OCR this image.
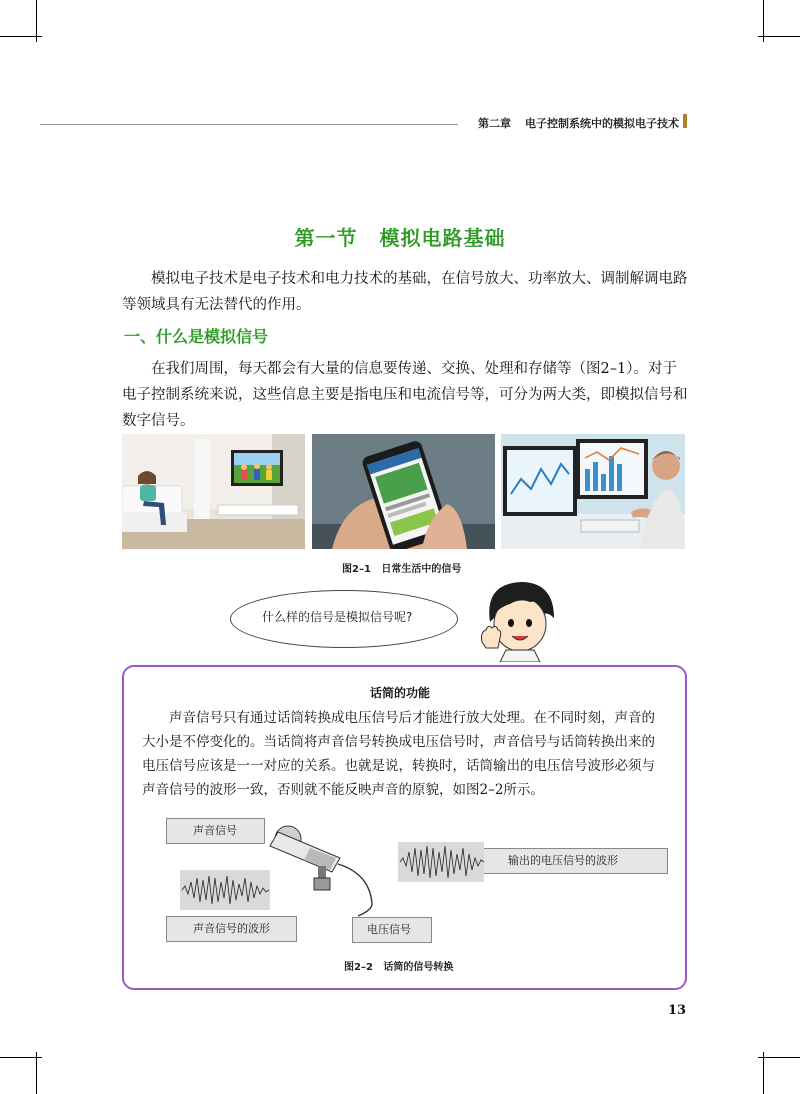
第二章 电子控制系统中的模拟电子技术
第一节 模拟电路基础

模拟电子技术是电子技术和电力技术的基础，在信号放大、功率放大、调制解调电路等领域具有无法替代的作用。

一、什么是模拟信号

在我们周围，每天都会有大量的信息要传递、交换、处理和存储等（图2–1）。对于电子控制系统来说，这些信息主要是指电压和电流信号等，可分为两大类，即模拟信号和数字信号。

图2–1 日常生活中的信号
什么样的信号是模拟信号呢?
话筒的功能

声音信号只有通过话筒转换成电压信号后才能进行放大处理。在不同时刻，声音的大小是不停变化的。当话筒将声音信号转换成电压信号时，声音信号与话筒转换出来的电压信号应该是一一对应的关系。也就是说，转换时，话筒输出的电压信号波形必须与声音信号的波形一致，否则就不能反映声音的原貌，如图2–2所示。

声音信号
声音信号的波形	电压信号
输出的电压信号的波形
图2–2 话筒的信号转换
13
